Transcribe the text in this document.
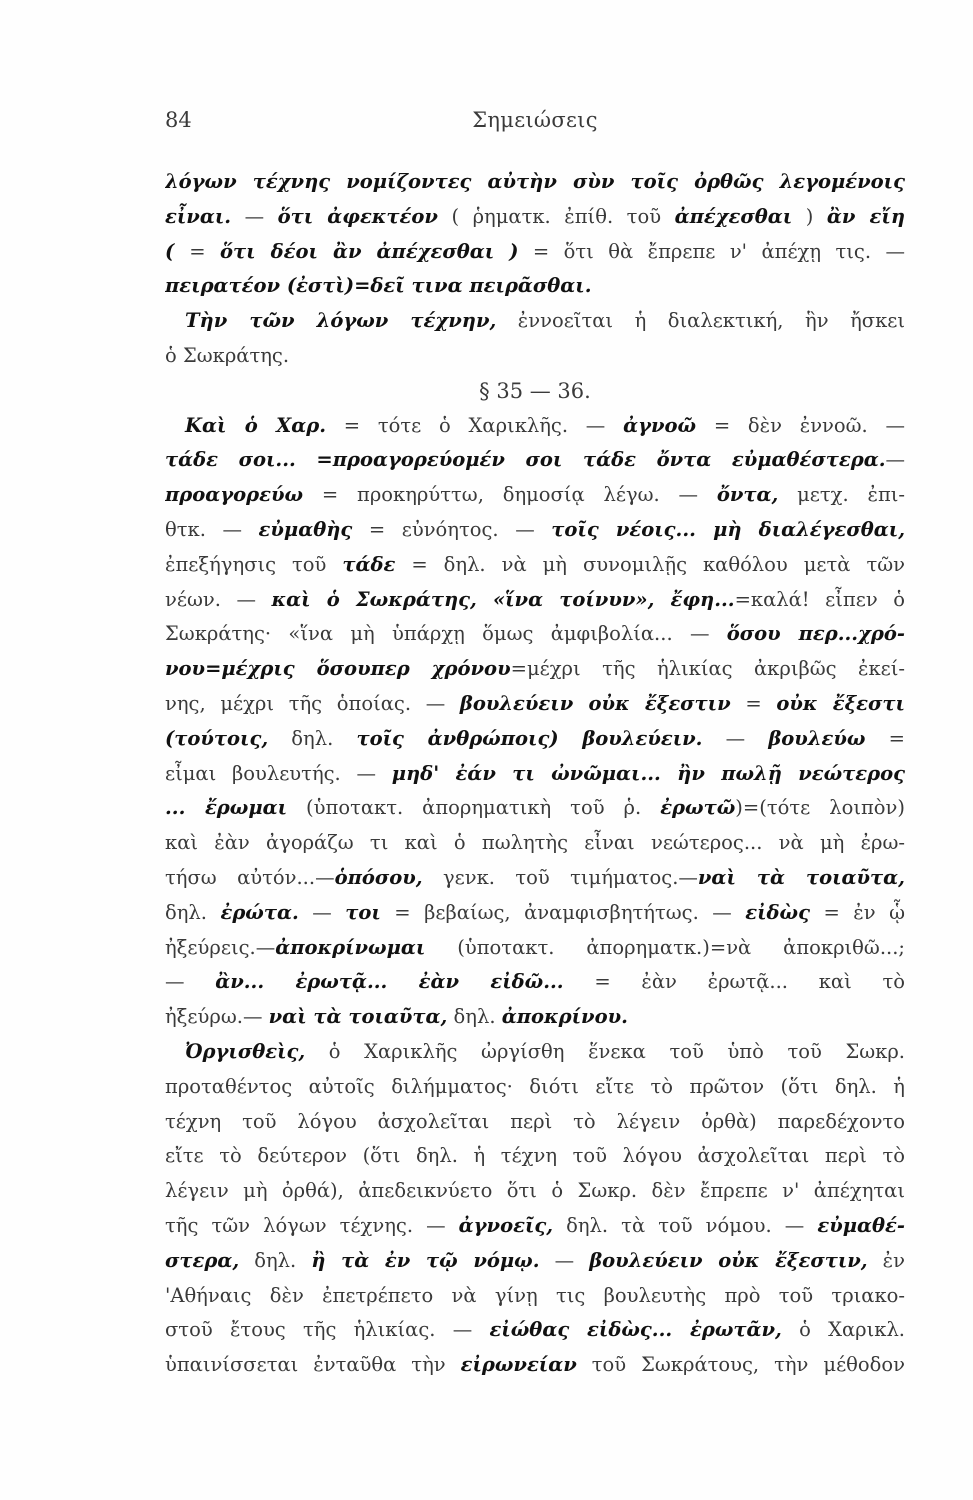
84	Σημειώσεις
λόγων τέχνης νομίζοντες αὐτὴν σὺν τοῖς ὀρθῶς λεγομένοις
εἶναι. — ὅτι ἀφεκτέον ( ῥηματκ. ἐπίθ. τοῦ ἀπέχεσθαι ) ἂν εἴη
( = ὅτι δέοι ἂν ἀπέχεσθαι ) = ὅτι θὰ ἔπρεπε ν' ἀπέχῃ τις. —
πειρατέον (ἐστὶ)=δεῖ τινα πειρᾶσθαι.
Τὴν τῶν λόγων τέχνην, ἐννοεῖται ἡ διαλεκτική, ἣν ἤσκει
ὁ Σωκράτης.
§ 35 — 36.
Καὶ ὁ Χαρ. = τότε ὁ Χαρικλῆς. — ἀγνοῶ = δὲν ἐννοῶ. —
τάδε σοι... =προαγορεύομέν σοι τάδε ὄντα εὐμαθέστερα.—
προαγορεύω = προκηρύττω, δημοσίᾳ λέγω. — ὄντα, μετχ. ἐπι-
θτκ. — εὐμαθὴς = εὐνόητος. — τοῖς νέοις... μὴ διαλέγεσθαι,
ἐπεξήγησις τοῦ τάδε = δηλ. νὰ μὴ συνομιλῇς καθόλου μετὰ τῶν
νέων. — καὶ ὁ Σωκράτης, «ἵνα τοίνυν», ἔφη...=καλά! εἶπεν ὁ
Σωκράτης· «ἵνα μὴ ὑπάρχῃ ὅμως ἀμφιβολία... — ὅσου περ...χρό-
νου=μέχρις ὅσουπερ χρόνου=μέχρι τῆς ἡλικίας ἀκριβῶς ἐκεί-
νης, μέχρι τῆς ὁποίας. — βουλεύειν οὐκ ἔξεστιν = οὐκ ἔξεστι
(τούτοις, δηλ. τοῖς ἀνθρώποις) βουλεύειν. — βουλεύω =
εἶμαι βουλευτής. — μηδ' ἐάν τι ὠνῶμαι... ἢν πωλῇ νεώτερος
... ἔρωμαι (ὑποτακτ. ἀπορηματικὴ τοῦ ῥ. ἐρωτῶ)=(τότε λοιπὸν)
καὶ ἐὰν ἀγοράζω τι καὶ ὁ πωλητὴς εἶναι νεώτερος... νὰ μὴ ἐρω-
τήσω αὐτόν...—ὁπόσου, γενκ. τοῦ τιμήματος.—ναὶ τὰ τοιαῦτα,
δηλ. ἐρώτα. — τοι = βεβαίως, ἀναμφισβητήτως. — εἰδὼς = ἐν ᾧ
ἠξεύρεις.—ἀποκρίνωμαι (ὑποτακτ. ἀπορηματκ.)=νὰ ἀποκριθῶ...;
— ἂν... ἐρωτᾷ... ἐὰν εἰδῶ... = ἐὰν ἐρωτᾷ... καὶ τὸ
ἠξεύρω.— ναὶ τὰ τοιαῦτα, δηλ. ἀποκρίνου.
Ὀργισθεὶς, ὁ Χαρικλῆς ὠργίσθη ἕνεκα τοῦ ὑπὸ τοῦ Σωκρ.
προταθέντος αὐτοῖς διλήμματος· διότι εἴτε τὸ πρῶτον (ὅτι δηλ. ἡ
τέχνη τοῦ λόγου ἀσχολεῖται περὶ τὸ λέγειν ὀρθὰ) παρεδέχοντο
εἴτε τὸ δεύτερον (ὅτι δηλ. ἡ τέχνη τοῦ λόγου ἀσχολεῖται περὶ τὸ
λέγειν μὴ ὀρθά), ἀπεδεικνύετο ὅτι ὁ Σωκρ. δὲν ἔπρεπε ν' ἀπέχηται
τῆς τῶν λόγων τέχνης. — ἀγνοεῖς, δηλ. τὰ τοῦ νόμου. — εὐμαθέ-
στερα, δηλ. ἢ τὰ ἐν τῷ νόμῳ. — βουλεύειν οὐκ ἔξεστιν, ἐν
'Αθήναις δὲν ἐπετρέπετο νὰ γίνῃ τις βουλευτὴς πρὸ τοῦ τριακο-
στοῦ ἔτους τῆς ἡλικίας. — εἰώθας εἰδὼς... ἐρωτᾶν, ὁ Χαρικλ.
ὑπαινίσσεται ἐνταῦθα τὴν εἰρωνείαν τοῦ Σωκράτους, τὴν μέθοδον
